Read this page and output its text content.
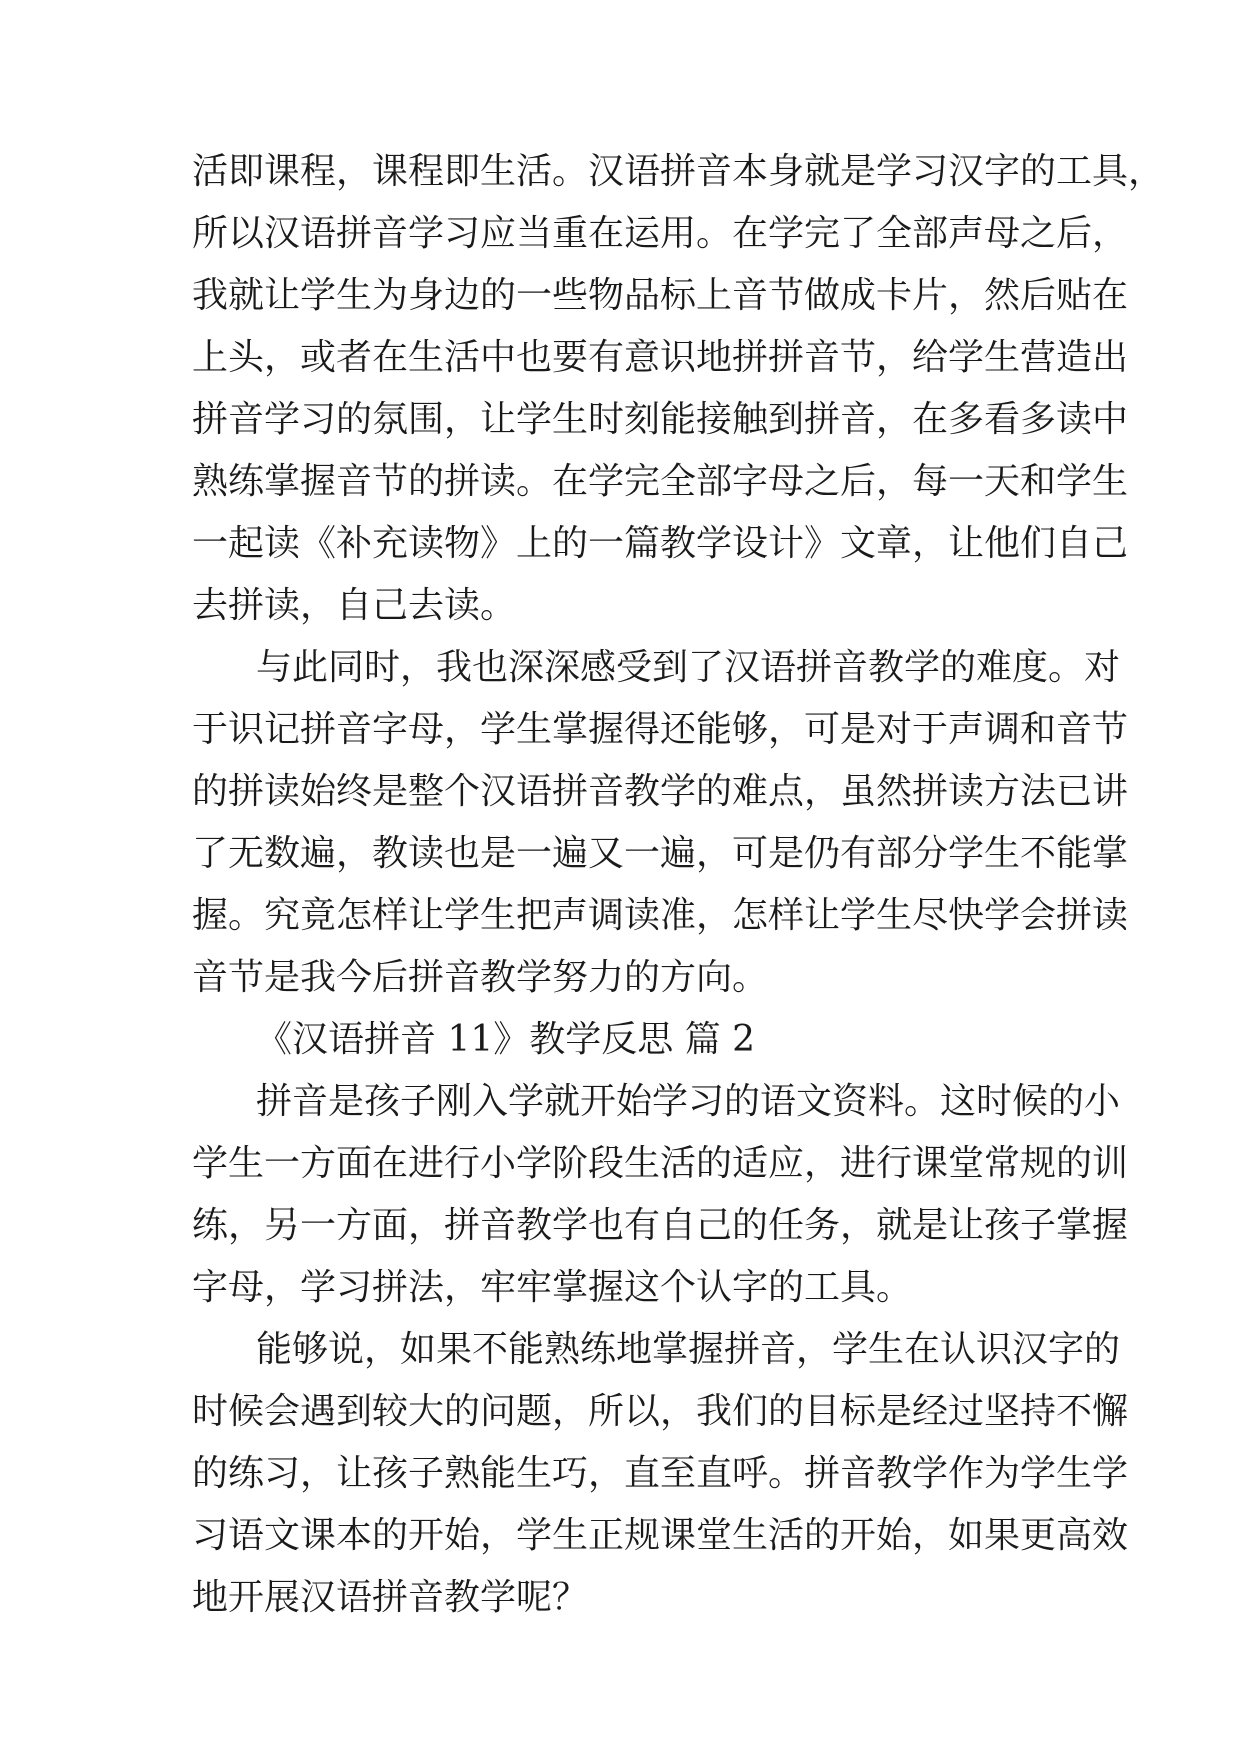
活即课程，课程即生活。汉语拼音本身就是学习汉字的工具，
所以汉语拼音学习应当重在运用。在学完了全部声母之后，
我就让学生为身边的一些物品标上音节做成卡片，然后贴在
上头，或者在生活中也要有意识地拼拼音节，给学生营造出
拼音学习的氛围，让学生时刻能接触到拼音，在多看多读中
熟练掌握音节的拼读。在学完全部字母之后，每一天和学生
一起读《补充读物》上的一篇教学设计》文章，让他们自己
去拼读，自己去读。
与此同时，我也深深感受到了汉语拼音教学的难度。对
于识记拼音字母，学生掌握得还能够，可是对于声调和音节
的拼读始终是整个汉语拼音教学的难点，虽然拼读方法已讲
了无数遍，教读也是一遍又一遍，可是仍有部分学生不能掌
握。究竟怎样让学生把声调读准，怎样让学生尽快学会拼读
音节是我今后拼音教学努力的方向。
《汉语拼音 11》教学反思 篇 2
拼音是孩子刚入学就开始学习的语文资料。这时候的小
学生一方面在进行小学阶段生活的适应，进行课堂常规的训
练，另一方面，拼音教学也有自己的任务，就是让孩子掌握
字母，学习拼法，牢牢掌握这个认字的工具。
能够说，如果不能熟练地掌握拼音，学生在认识汉字的
时候会遇到较大的问题，所以，我们的目标是经过坚持不懈
的练习，让孩子熟能生巧，直至直呼。拼音教学作为学生学
习语文课本的开始，学生正规课堂生活的开始，如果更高效
地开展汉语拼音教学呢？
